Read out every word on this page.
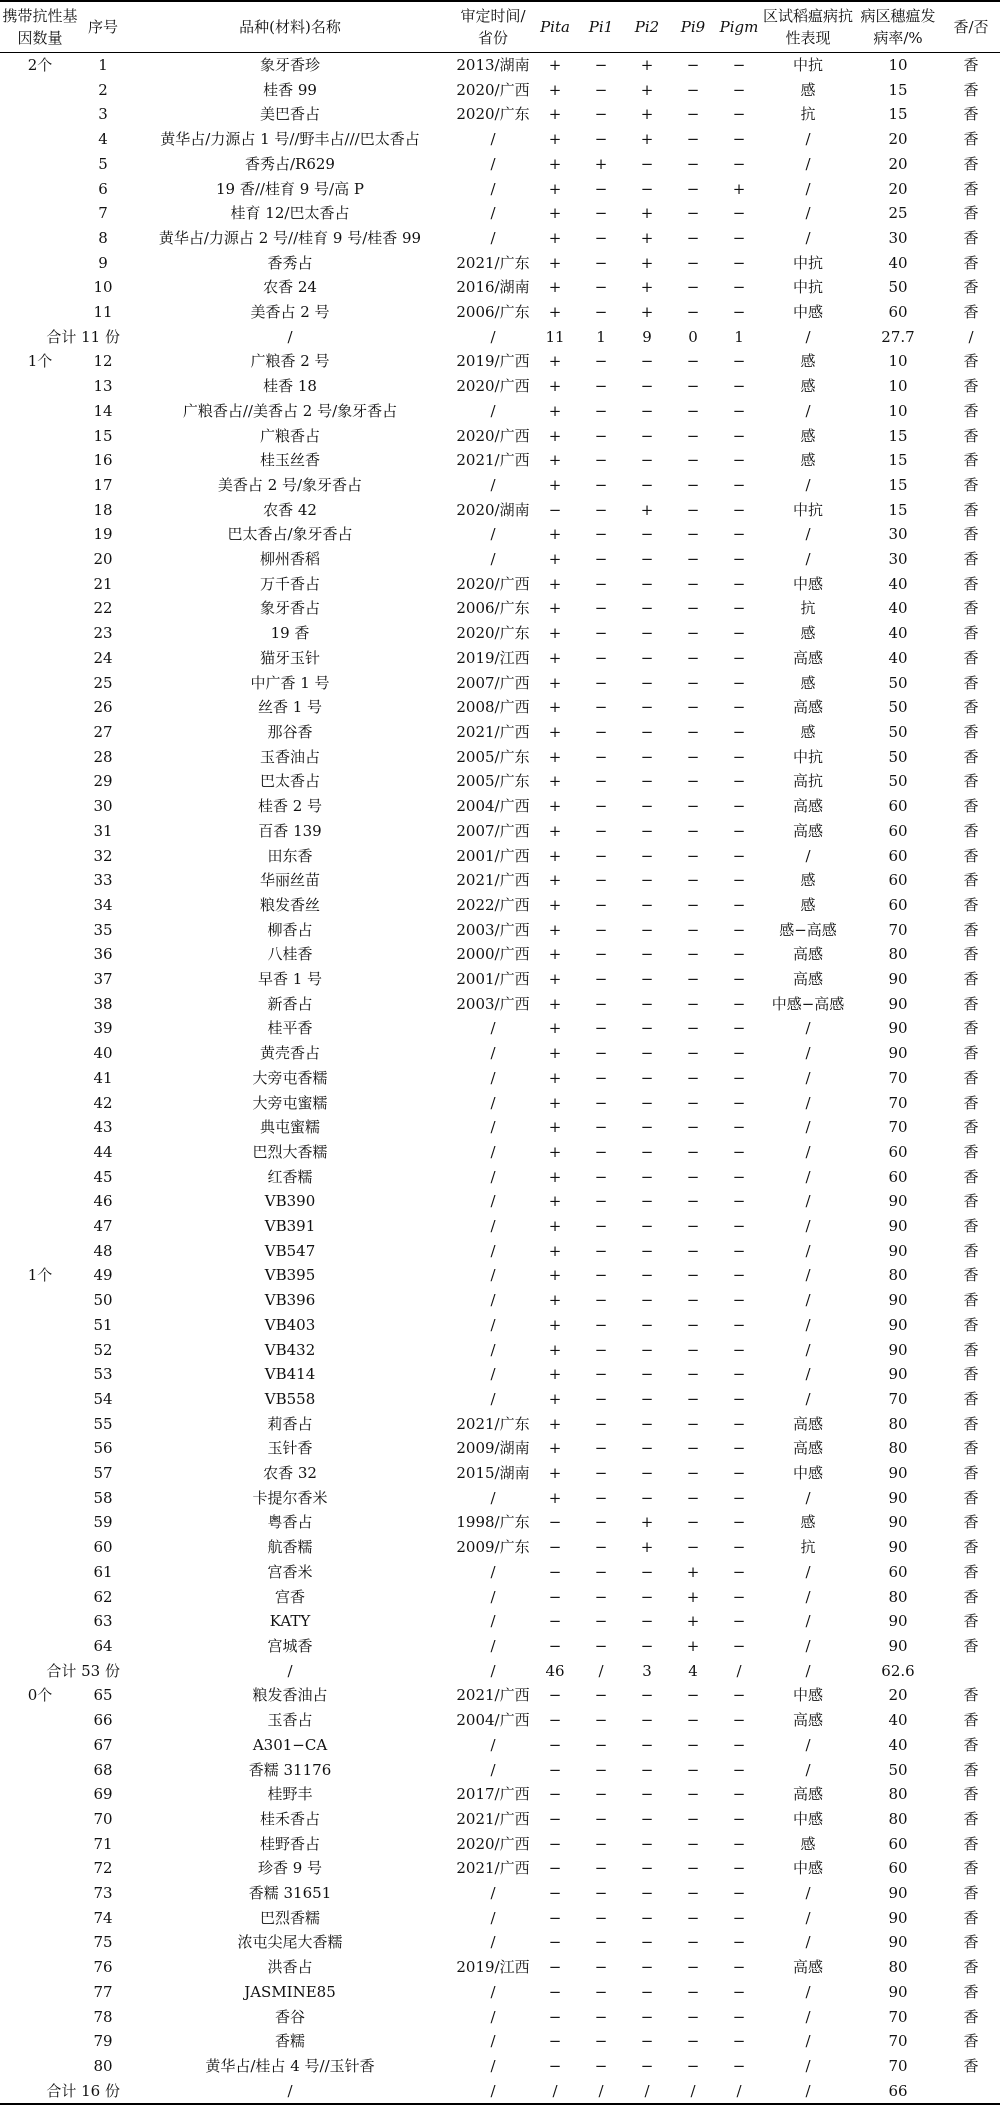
携带抗性基因数量	序号	品种(材料)名称	审定时间/省份	Pita	Pi1	Pi2	Pi9	Pigm	区试稻瘟病抗性表现	病区穗瘟发病率/%	香/否
2个	1	象牙香珍	2013/湖南	+	−	+	−	−	中抗	10	香
	2	桂香 99	2020/广西	+	−	+	−	−	感	15	香
	3	美巴香占	2020/广东	+	−	+	−	−	抗	15	香
	4	黄华占/力源占 1 号//野丰占///巴太香占	/	+	−	+	−	−	/	20	香
	5	香秀占/R629	/	+	+	−	−	−	/	20	香
	6	19 香//桂育 9 号/高 P	/	+	−	−	−	+	/	20	香
	7	桂育 12/巴太香占	/	+	−	+	−	−	/	25	香
	8	黄华占/力源占 2 号//桂育 9 号/桂香 99	/	+	−	+	−	−	/	30	香
	9	香秀占	2021/广东	+	−	+	−	−	中抗	40	香
	10	农香 24	2016/湖南	+	−	+	−	−	中抗	50	香
	11	美香占 2 号	2006/广东	+	−	+	−	−	中感	60	香
合计 11 份		/	/	11	1	9	0	1	/	27.7	/
1个	12	广粮香 2 号	2019/广西	+	−	−	−	−	感	10	香
	13	桂香 18	2020/广西	+	−	−	−	−	感	10	香
	14	广粮香占//美香占 2 号/象牙香占	/	+	−	−	−	−	/	10	香
	15	广粮香占	2020/广西	+	−	−	−	−	感	15	香
	16	桂玉丝香	2021/广西	+	−	−	−	−	感	15	香
	17	美香占 2 号/象牙香占	/	+	−	−	−	−	/	15	香
	18	农香 42	2020/湖南	−	−	+	−	−	中抗	15	香
	19	巴太香占/象牙香占	/	+	−	−	−	−	/	30	香
	20	柳州香稻	/	+	−	−	−	−	/	30	香
	21	万千香占	2020/广西	+	−	−	−	−	中感	40	香
	22	象牙香占	2006/广东	+	−	−	−	−	抗	40	香
	23	19 香	2020/广东	+	−	−	−	−	感	40	香
	24	猫牙玉针	2019/江西	+	−	−	−	−	高感	40	香
	25	中广香 1 号	2007/广西	+	−	−	−	−	感	50	香
	26	丝香 1 号	2008/广西	+	−	−	−	−	高感	50	香
	27	那谷香	2021/广西	+	−	−	−	−	感	50	香
	28	玉香油占	2005/广东	+	−	−	−	−	中抗	50	香
	29	巴太香占	2005/广东	+	−	−	−	−	高抗	50	香
	30	桂香 2 号	2004/广西	+	−	−	−	−	高感	60	香
	31	百香 139	2007/广西	+	−	−	−	−	高感	60	香
	32	田东香	2001/广西	+	−	−	−	−	/	60	香
	33	华丽丝苗	2021/广西	+	−	−	−	−	感	60	香
	34	粮发香丝	2022/广西	+	−	−	−	−	感	60	香
	35	柳香占	2003/广西	+	−	−	−	−	感−高感	70	香
	36	八桂香	2000/广西	+	−	−	−	−	高感	80	香
	37	早香 1 号	2001/广西	+	−	−	−	−	高感	90	香
	38	新香占	2003/广西	+	−	−	−	−	中感−高感	90	香
	39	桂平香	/	+	−	−	−	−	/	90	香
	40	黄壳香占	/	+	−	−	−	−	/	90	香
	41	大旁屯香糯	/	+	−	−	−	−	/	70	香
	42	大旁屯蜜糯	/	+	−	−	−	−	/	70	香
	43	典屯蜜糯	/	+	−	−	−	−	/	70	香
	44	巴烈大香糯	/	+	−	−	−	−	/	60	香
	45	红香糯	/	+	−	−	−	−	/	60	香
	46	VB390	/	+	−	−	−	−	/	90	香
	47	VB391	/	+	−	−	−	−	/	90	香
	48	VB547	/	+	−	−	−	−	/	90	香
1个	49	VB395	/	+	−	−	−	−	/	80	香
	50	VB396	/	+	−	−	−	−	/	90	香
	51	VB403	/	+	−	−	−	−	/	90	香
	52	VB432	/	+	−	−	−	−	/	90	香
	53	VB414	/	+	−	−	−	−	/	90	香
	54	VB558	/	+	−	−	−	−	/	70	香
	55	莉香占	2021/广东	+	−	−	−	−	高感	80	香
	56	玉针香	2009/湖南	+	−	−	−	−	高感	80	香
	57	农香 32	2015/湖南	+	−	−	−	−	中感	90	香
	58	卡提尔香米	/	+	−	−	−	−	/	90	香
	59	粤香占	1998/广东	−	−	+	−	−	感	90	香
	60	航香糯	2009/广东	−	−	+	−	−	抗	90	香
	61	宫香米	/	−	−	−	+	−	/	60	香
	62	宫香	/	−	−	−	+	−	/	80	香
	63	KATY	/	−	−	−	+	−	/	90	香
	64	宫城香	/	−	−	−	+	−	/	90	香
合计 53 份		/	/	46	/	3	4	/	/	62.6	
0个	65	粮发香油占	2021/广西	−	−	−	−	−	中感	20	香
	66	玉香占	2004/广西	−	−	−	−	−	高感	40	香
	67	A301−CA	/	−	−	−	−	−	/	40	香
	68	香糯 31176	/	−	−	−	−	−	/	50	香
	69	桂野丰	2017/广西	−	−	−	−	−	高感	80	香
	70	桂禾香占	2021/广西	−	−	−	−	−	中感	80	香
	71	桂野香占	2020/广西	−	−	−	−	−	感	60	香
	72	珍香 9 号	2021/广西	−	−	−	−	−	中感	60	香
	73	香糯 31651	/	−	−	−	−	−	/	90	香
	74	巴烈香糯	/	−	−	−	−	−	/	90	香
	75	浓屯尖尾大香糯	/	−	−	−	−	−	/	90	香
	76	洪香占	2019/江西	−	−	−	−	−	高感	80	香
	77	JASMINE85	/	−	−	−	−	−	/	90	香
	78	香谷	/	−	−	−	−	−	/	70	香
	79	香糯	/	−	−	−	−	−	/	70	香
	80	黄华占/桂占 4 号//玉针香	/	−	−	−	−	−	/	70	香
合计 16 份		/	/	/	/	/	/	/	/	66	
